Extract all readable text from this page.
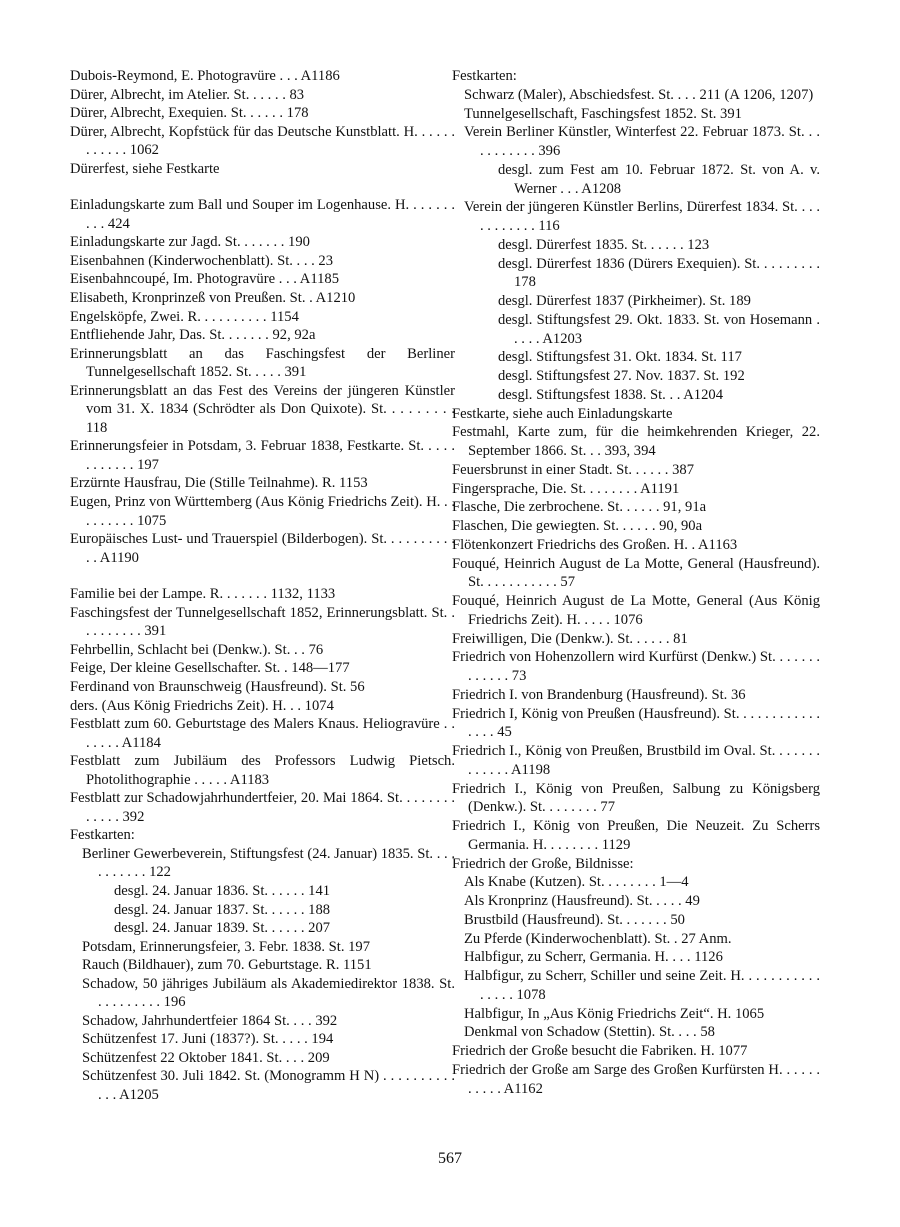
Dubois-Reymond, E. Photogravüre . . . A1186
Dürer, Albrecht, im Atelier. St. . . . . . 83
Dürer, Albrecht, Exequien. St. . . . . . 178
Dürer, Albrecht, Kopfstück für das Deutsche Kunstblatt. H. . . . . . . . . . . . 1062
Dürerfest, siehe Festkarte
Einladungskarte zum Ball und Souper im Logenhause. H. . . . . . . . . . 424
Einladungskarte zur Jagd. St. . . . . . . 190
Eisenbahnen (Kinderwochenblatt). St. . . . 23
Eisenbahncoupé, Im. Photogravüre . . . A1185
Elisabeth, Kronprinzeß von Preußen. St. . A1210
Engelsköpfe, Zwei. R. . . . . . . . . . 1154
Entfliehende Jahr, Das. St. . . . . . . 92, 92a
Erinnerungsblatt an das Faschingsfest der Berliner Tunnelgesellschaft 1852. St. . . . . 391
Erinnerungsblatt an das Fest des Vereins der jüngeren Künstler vom 31. X. 1834 (Schrödter als Don Quixote). St. . . . . . . . . 118
Erinnerungsfeier in Potsdam, 3. Februar 1838, Festkarte. St. . . . . . . . . . . . 197
Erzürnte Hausfrau, Die (Stille Teilnahme). R. 1153
Eugen, Prinz von Württemberg (Aus König Friedrichs Zeit). H. . . . . . . . . . 1075
Europäisches Lust- und Trauerspiel (Bilderbogen). St. . . . . . . . . . . . A1190
Familie bei der Lampe. R. . . . . . . 1132, 1133
Faschingsfest der Tunnelgesellschaft 1852, Erinnerungsblatt. St. . . . . . . . . . 391
Fehrbellin, Schlacht bei (Denkw.). St. . . 76
Feige, Der kleine Gesellschafter. St. . 148—177
Ferdinand von Braunschweig (Hausfreund). St. 56
ders. (Aus König Friedrichs Zeit). H. . . 1074
Festblatt zum 60. Geburtstage des Malers Knaus. Heliogravüre . . . . . . . A1184
Festblatt zum Jubiläum des Professors Ludwig Pietsch. Photolithographie . . . . . A1183
Festblatt zur Schadowjahrhundertfeier, 20. Mai 1864. St. . . . . . . . . . . . . 392
Festkarten:
Berliner Gewerbeverein, Stiftungsfest (24. Januar) 1835. St. . . . . . . . . . . 122
desgl. 24. Januar 1836. St. . . . . . 141
desgl. 24. Januar 1837. St. . . . . . 188
desgl. 24. Januar 1839. St. . . . . . 207
Potsdam, Erinnerungsfeier, 3. Febr. 1838. St. 197
Rauch (Bildhauer), zum 70. Geburtstage. R. 1151
Schadow, 50 jähriges Jubiläum als Akademiedirektor 1838. St. . . . . . . . . . 196
Schadow, Jahrhundertfeier 1864 St. . . . 392
Schützenfest 17. Juni (1837?). St. . . . . 194
Schützenfest 22 Oktober 1841. St. . . . 209
Schützenfest 30. Juli 1842. St. (Monogramm H N) . . . . . . . . . . . . . A1205
Festkarten:
Schwarz (Maler), Abschiedsfest. St. . . . 211 (A 1206, 1207)
Tunnelgesellschaft, Faschingsfest 1852. St. 391
Verein Berliner Künstler, Winterfest 22. Februar 1873. St. . . . . . . . . . . 396
desgl. zum Fest am 10. Februar 1872. St. von A. v. Werner . . . A1208
Verein der jüngeren Künstler Berlins, Dürerfest 1834. St. . . . . . . . . . . . 116
desgl. Dürerfest 1835. St. . . . . . 123
desgl. Dürerfest 1836 (Dürers Exequien). St. . . . . . . . . 178
desgl. Dürerfest 1837 (Pirkheimer). St. 189
desgl. Stiftungsfest 29. Okt. 1833. St. von Hosemann . . . . . A1203
desgl. Stiftungsfest 31. Okt. 1834. St. 117
desgl. Stiftungsfest 27. Nov. 1837. St. 192
desgl. Stiftungsfest 1838. St. . . A1204
Festkarte, siehe auch Einladungskarte
Festmahl, Karte zum, für die heimkehrenden Krieger, 22. September 1866. St. . . 393, 394
Feuersbrunst in einer Stadt. St. . . . . . 387
Fingersprache, Die. St. . . . . . . . A1191
Flasche, Die zerbrochene. St. . . . . . 91, 91a
Flaschen, Die gewiegten. St. . . . . . 90, 90a
Flötenkonzert Friedrichs des Großen. H. . A1163
Fouqué, Heinrich August de La Motte, General (Hausfreund). St. . . . . . . . . . . 57
Fouqué, Heinrich August de La Motte, General (Aus König Friedrichs Zeit). H. . . . . 1076
Freiwilligen, Die (Denkw.). St. . . . . . 81
Friedrich von Hohenzollern wird Kurfürst (Denkw.) St. . . . . . . . . . . . . 73
Friedrich I. von Brandenburg (Hausfreund). St. 36
Friedrich I, König von Preußen (Hausfreund). St. . . . . . . . . . . . . . . . 45
Friedrich I., König von Preußen, Brustbild im Oval. St. . . . . . . . . . . . . A1198
Friedrich I., König von Preußen, Salbung zu Königsberg (Denkw.). St. . . . . . . . 77
Friedrich I., König von Preußen, Die Neuzeit. Zu Scherrs Germania. H. . . . . . . . 1129
Friedrich der Große, Bildnisse:
Als Knabe (Kutzen). St. . . . . . . . 1—4
Als Kronprinz (Hausfreund). St. . . . . 49
Brustbild (Hausfreund). St. . . . . . . 50
Zu Pferde (Kinderwochenblatt). St. . 27 Anm.
Halbfigur, zu Scherr, Germania. H. . . . 1126
Halbfigur, zu Scherr, Schiller und seine Zeit. H. . . . . . . . . . . . . . . . 1078
Halbfigur, In „Aus König Friedrichs Zeit“. H. 1065
Denkmal von Schadow (Stettin). St. . . . 58
Friedrich der Große besucht die Fabriken. H. 1077
Friedrich der Große am Sarge des Großen Kurfürsten H. . . . . . . . . . . A1162
567
